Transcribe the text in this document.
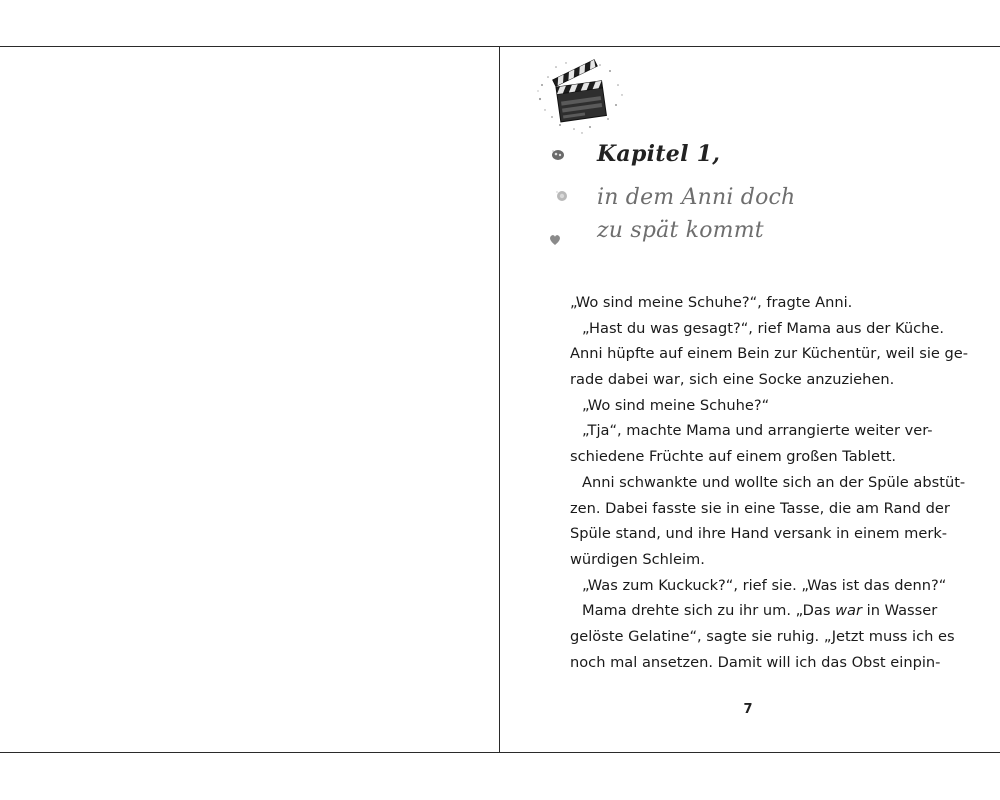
Kapitel 1,
in dem Anni doch
zu spät kommt
„Wo sind meine Schuhe?“, fragte Anni.
„Hast du was gesagt?“, rief Mama aus der Küche.
Anni hüpfte auf einem Bein zur Küchentür, weil sie ge-
rade dabei war, sich eine Socke anzuziehen.
„Wo sind meine Schuhe?“
„Tja“, machte Mama und arrangierte weiter ver-
schiedene Früchte auf einem großen Tablett.
Anni schwankte und wollte sich an der Spüle abstüt-
zen. Dabei fasste sie in eine Tasse, die am Rand der
Spüle stand, und ihre Hand versank in einem merk-
würdigen Schleim.
„Was zum Kuckuck?“, rief sie. „Was ist das denn?“
Mama drehte sich zu ihr um. „Das war in Wasser
gelöste Gelatine“, sagte sie ruhig. „Jetzt muss ich es
noch mal ansetzen. Damit will ich das Obst einpin-
7
